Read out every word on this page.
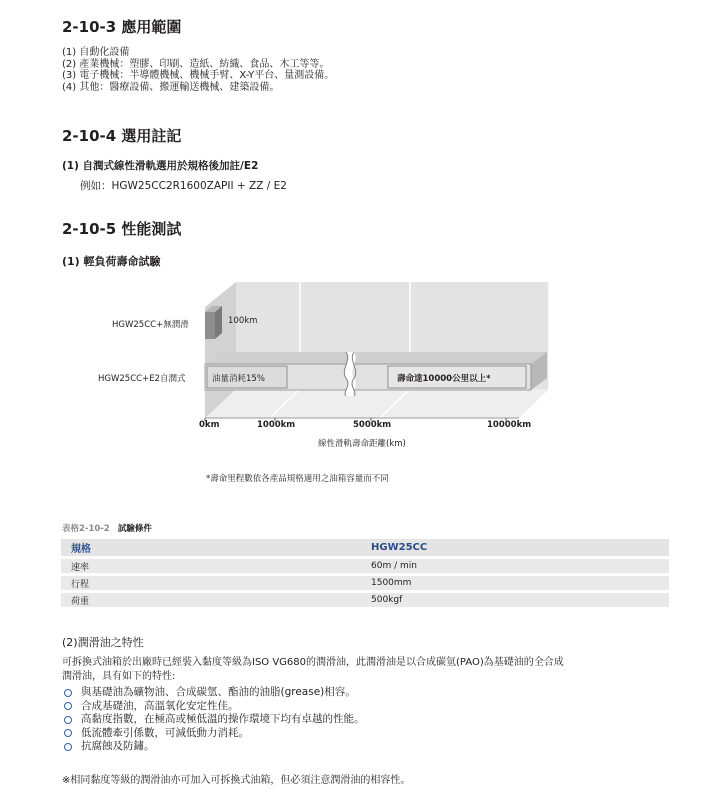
2-10-3 應用範圍
(1) 自動化設備
(2) 產業機械：塑膠、印刷、造紙、紡織、食品、木工等等。
(3) 電子機械：半導體機械、機械手臂、X-Y平台、量測設備。
(4) 其他：醫療設備、搬運輸送機械、建築設備。
2-10-4 選用註記
(1) 自潤式線性滑軌選用於規格後加註/E2
例如：HGW25CC2R1600ZAPII + ZZ / E2
2-10-5 性能測試
(1) 輕負荷壽命試驗
HGW25CC+無潤滑
HGW25CC+E2自潤式
100km
油量消耗15%	壽命達10000公里以上*
0km	1000km	5000km	10000km
線性滑軌壽命距離(km)
*壽命里程數依各產品規格適用之油箱容量而不同
表格2-10-2 試驗條件
規格	HGW25CC
速率	60m / min
行程	1500mm
荷重	500kgf
(2)潤滑油之特性
可拆換式油箱於出廠時已經裝入黏度等級為ISO VG680的潤滑油，此潤滑油是以合成碳氫(PAO)為基礎油的全合成
潤滑油，具有如下的特性:
與基礎油為礦物油、合成碳氫、酯油的油脂(grease)相容。
合成基礎油，高溫氧化安定性佳。
高黏度指數，在極高或極低溫的操作環境下均有卓越的性能。
低流體牽引係數，可減低動力消耗。
抗腐蝕及防鏽。
※相同黏度等級的潤滑油亦可加入可拆換式油箱，但必須注意潤滑油的相容性。
